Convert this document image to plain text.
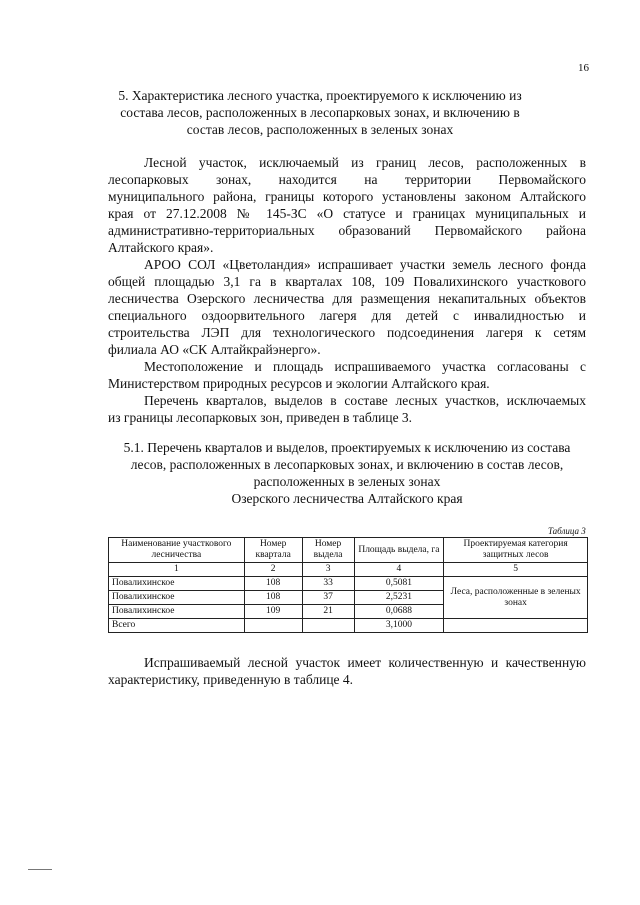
16
5. Характеристика лесного участка, проектируемого к исключению из
состава лесов, расположенных в лесопарковых зонах, и включению в
состав лесов, расположенных в зеленых зонах
Лесной участок, исключаемый из границ лесов, расположенных в
лесопарковых зонах, находится на территории Первомайского
муниципального района, границы которого установлены законом Алтайского
края от 27.12.2008 № 145-ЗС «О статусе и границах муниципальных и
административно-территориальных образований Первомайского района
Алтайского края».
АРОО СОЛ «Цветоландия» испрашивает участки земель лесного фонда
общей площадью 3,1 га в кварталах 108, 109 Повалихинского участкового
лесничества Озерского лесничества для размещения некапитальных объектов
специального оздоорвительного лагеря для детей с инвалидностью и
строительства ЛЭП для технологического подсоединения лагеря к сетям
филиала АО «СК Алтайкрайэнерго».
Местоположение и площадь испрашиваемого участка согласованы с
Министерством природных ресурсов и экологии Алтайского края.
Перечень кварталов, выделов в составе лесных участков, исключаемых
из границы лесопарковых зон, приведен в таблице 3.
5.1. Перечень кварталов и выделов, проектируемых к исключению из состава
лесов, расположенных в лесопарковых зонах, и включению в состав лесов,
расположенных в зеленых зонах
Озерского лесничества Алтайского края
Таблица 3
Наименование участкового лесничества	Номер квартала	Номер выдела	Площадь выдела, га	Проектируемая категория защитных лесов
1	2	3	4	5
Повалихинское	108	33	0,5081	Леса, расположенные в зеленых зонах
Повалихинское	108	37	2,5231	
Повалихинское	109	21	0,0688	
Всего			3,1000	
Испрашиваемый лесной участок имеет количественную и качественную
характеристику, приведенную в таблице 4.
